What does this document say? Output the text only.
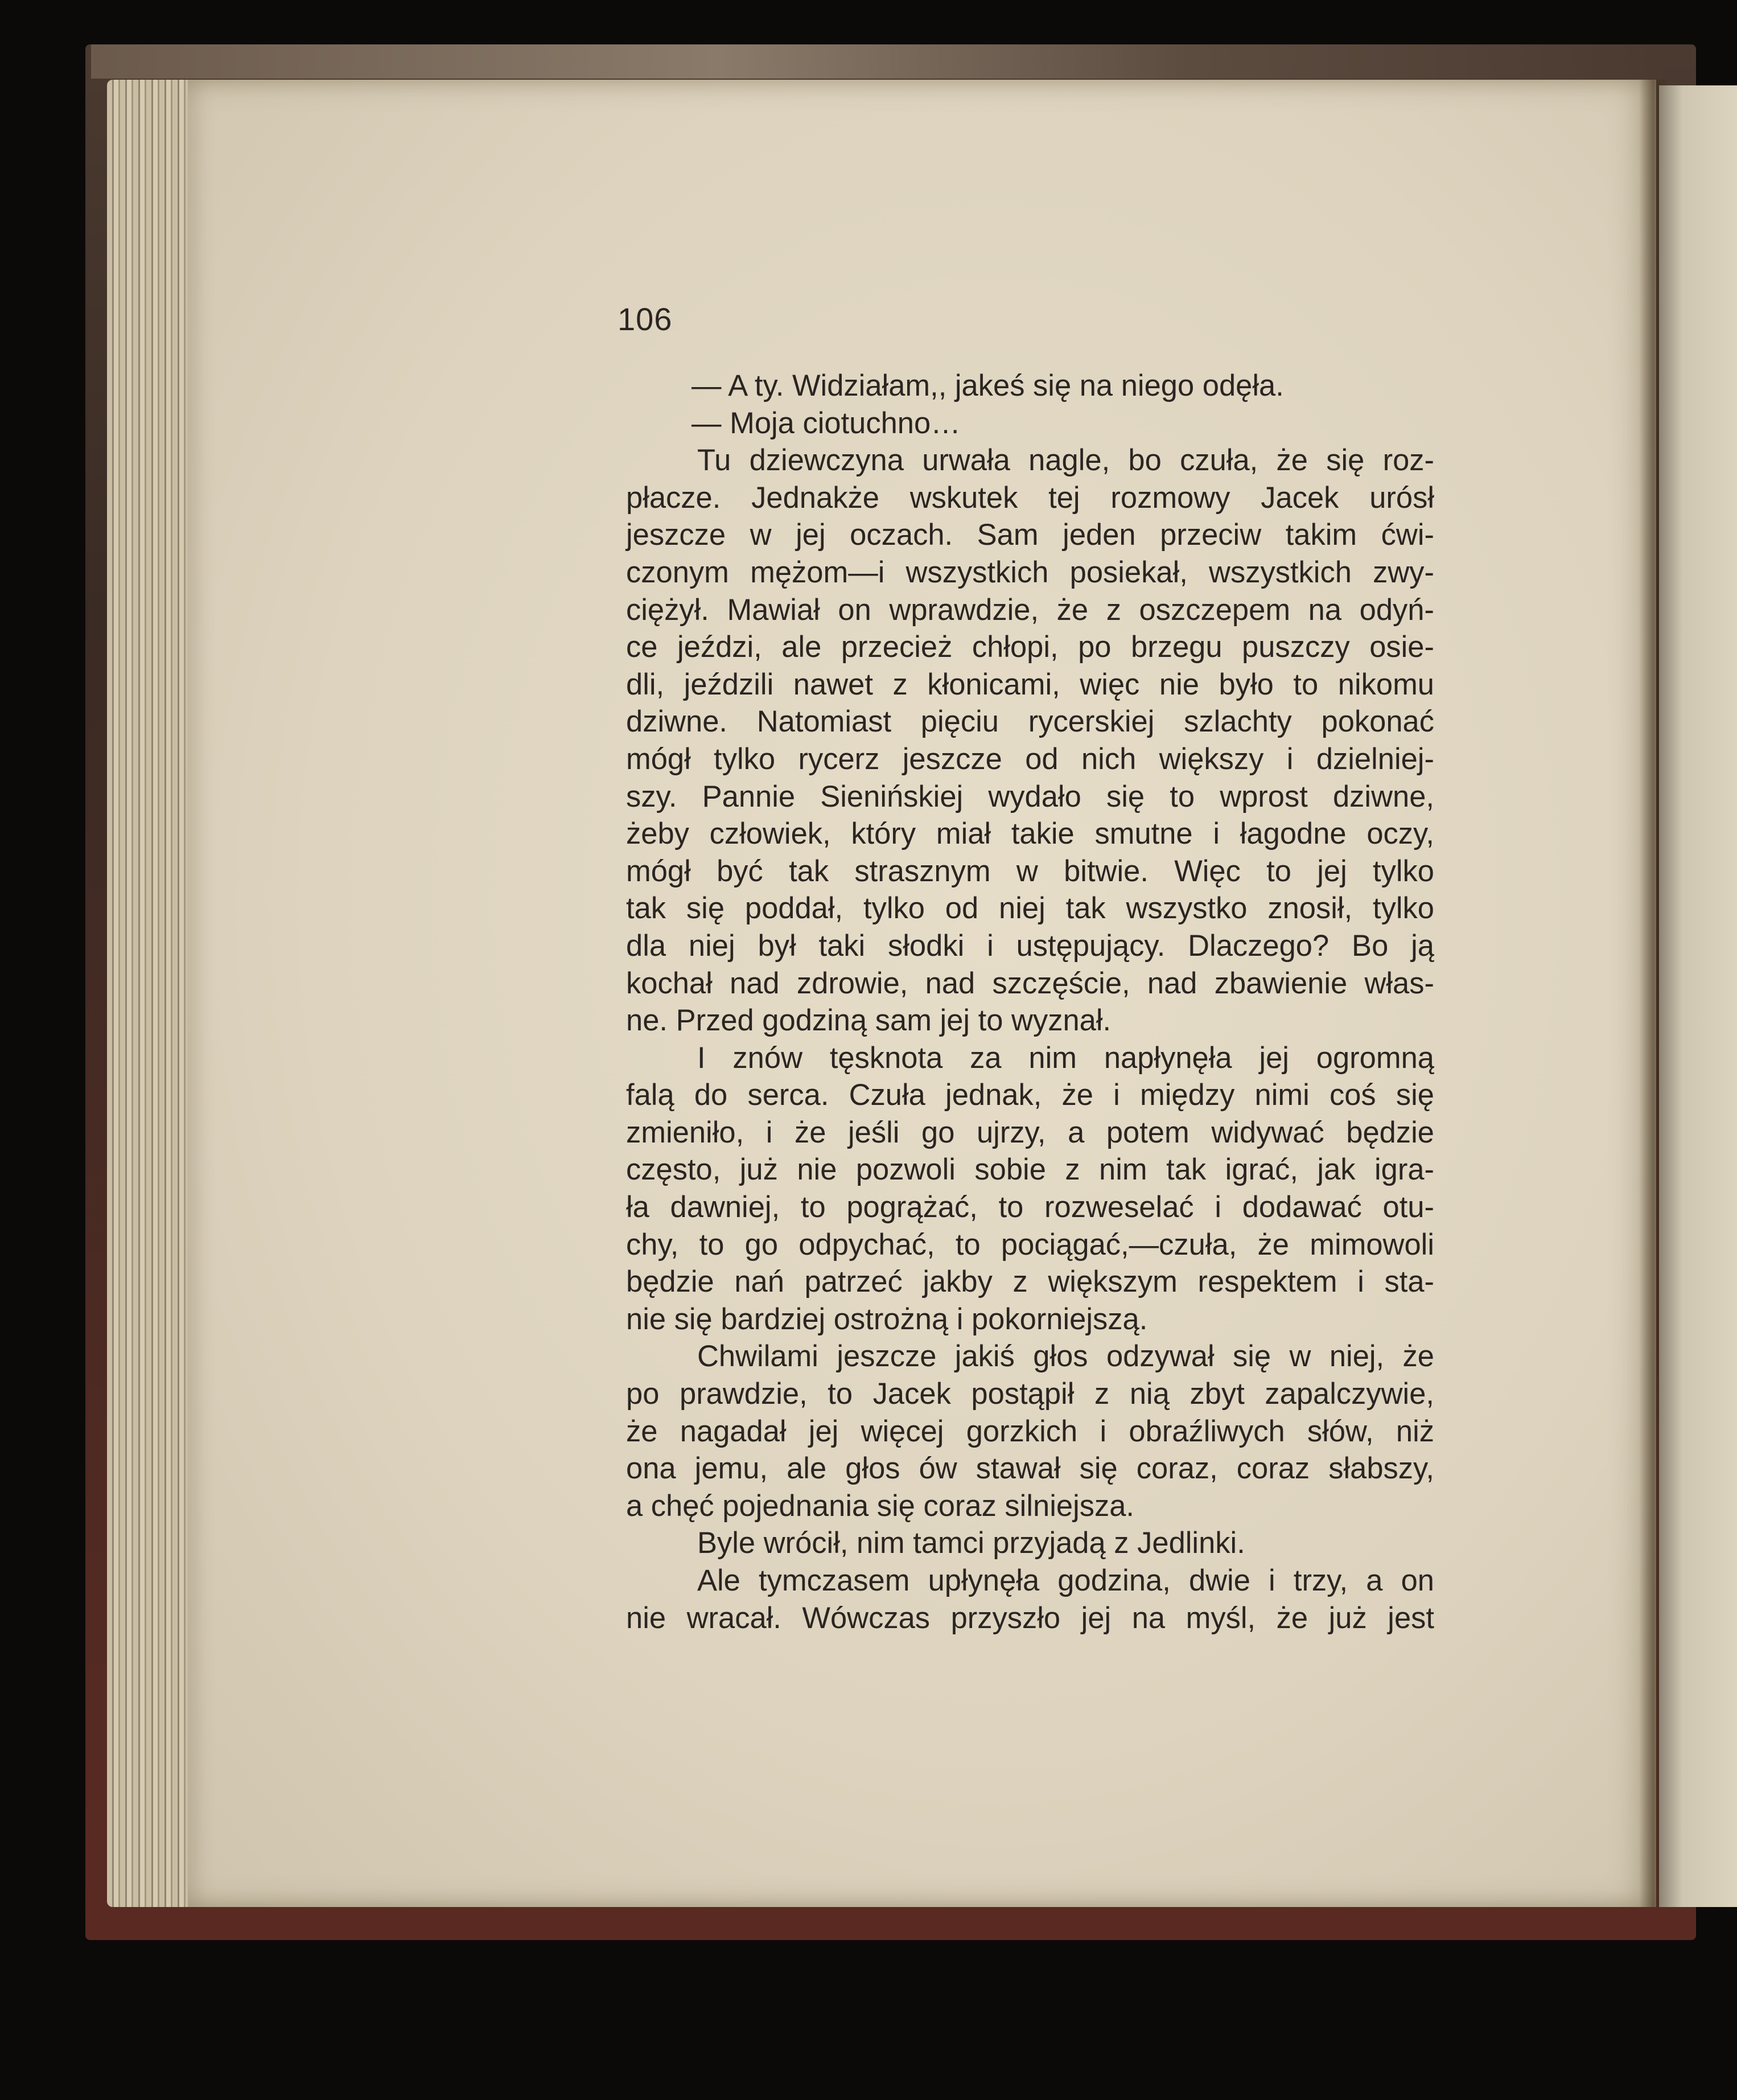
106
— A ty. Widziałam,, jakeś się na niego odęła.
— Moja ciotuchno…
Tu dziewczyna urwała nagle, bo czuła, że się roz-
płacze. Jednakże wskutek tej rozmowy Jacek urósł
jeszcze w jej oczach. Sam jeden przeciw takim ćwi-
czonym mężom—i wszystkich posiekał, wszystkich zwy-
ciężył. Mawiał on wprawdzie, że z oszczepem na odyń-
ce jeździ, ale przecież chłopi, po brzegu puszczy osie-
dli, jeździli nawet z kłonicami, więc nie było to nikomu
dziwne. Natomiast pięciu rycerskiej szlachty pokonać
mógł tylko rycerz jeszcze od nich większy i dzielniej-
szy. Pannie Sienińskiej wydało się to wprost dziwne,
żeby człowiek, który miał takie smutne i łagodne oczy,
mógł być tak strasznym w bitwie. Więc to jej tylko
tak się poddał, tylko od niej tak wszystko znosił, tylko
dla niej był taki słodki i ustępujący. Dlaczego? Bo ją
kochał nad zdrowie, nad szczęście, nad zbawienie włas-
ne. Przed godziną sam jej to wyznał.
I znów tęsknota za nim napłynęła jej ogromną
falą do serca. Czuła jednak, że i między nimi coś się
zmieniło, i że jeśli go ujrzy, a potem widywać będzie
często, już nie pozwoli sobie z nim tak igrać, jak igra-
ła dawniej, to pogrążać, to rozweselać i dodawać otu-
chy, to go odpychać, to pociągać,—czuła, że mimowoli
będzie nań patrzeć jakby z większym respektem i sta-
nie się bardziej ostrożną i pokorniejszą.
Chwilami jeszcze jakiś głos odzywał się w niej, że
po prawdzie, to Jacek postąpił z nią zbyt zapalczywie,
że nagadał jej więcej gorzkich i obraźliwych słów, niż
ona jemu, ale głos ów stawał się coraz, coraz słabszy,
a chęć pojednania się coraz silniejsza.
Byle wrócił, nim tamci przyjadą z Jedlinki.
Ale tymczasem upłynęła godzina, dwie i trzy, a on
nie wracał. Wówczas przyszło jej na myśl, że już jest
